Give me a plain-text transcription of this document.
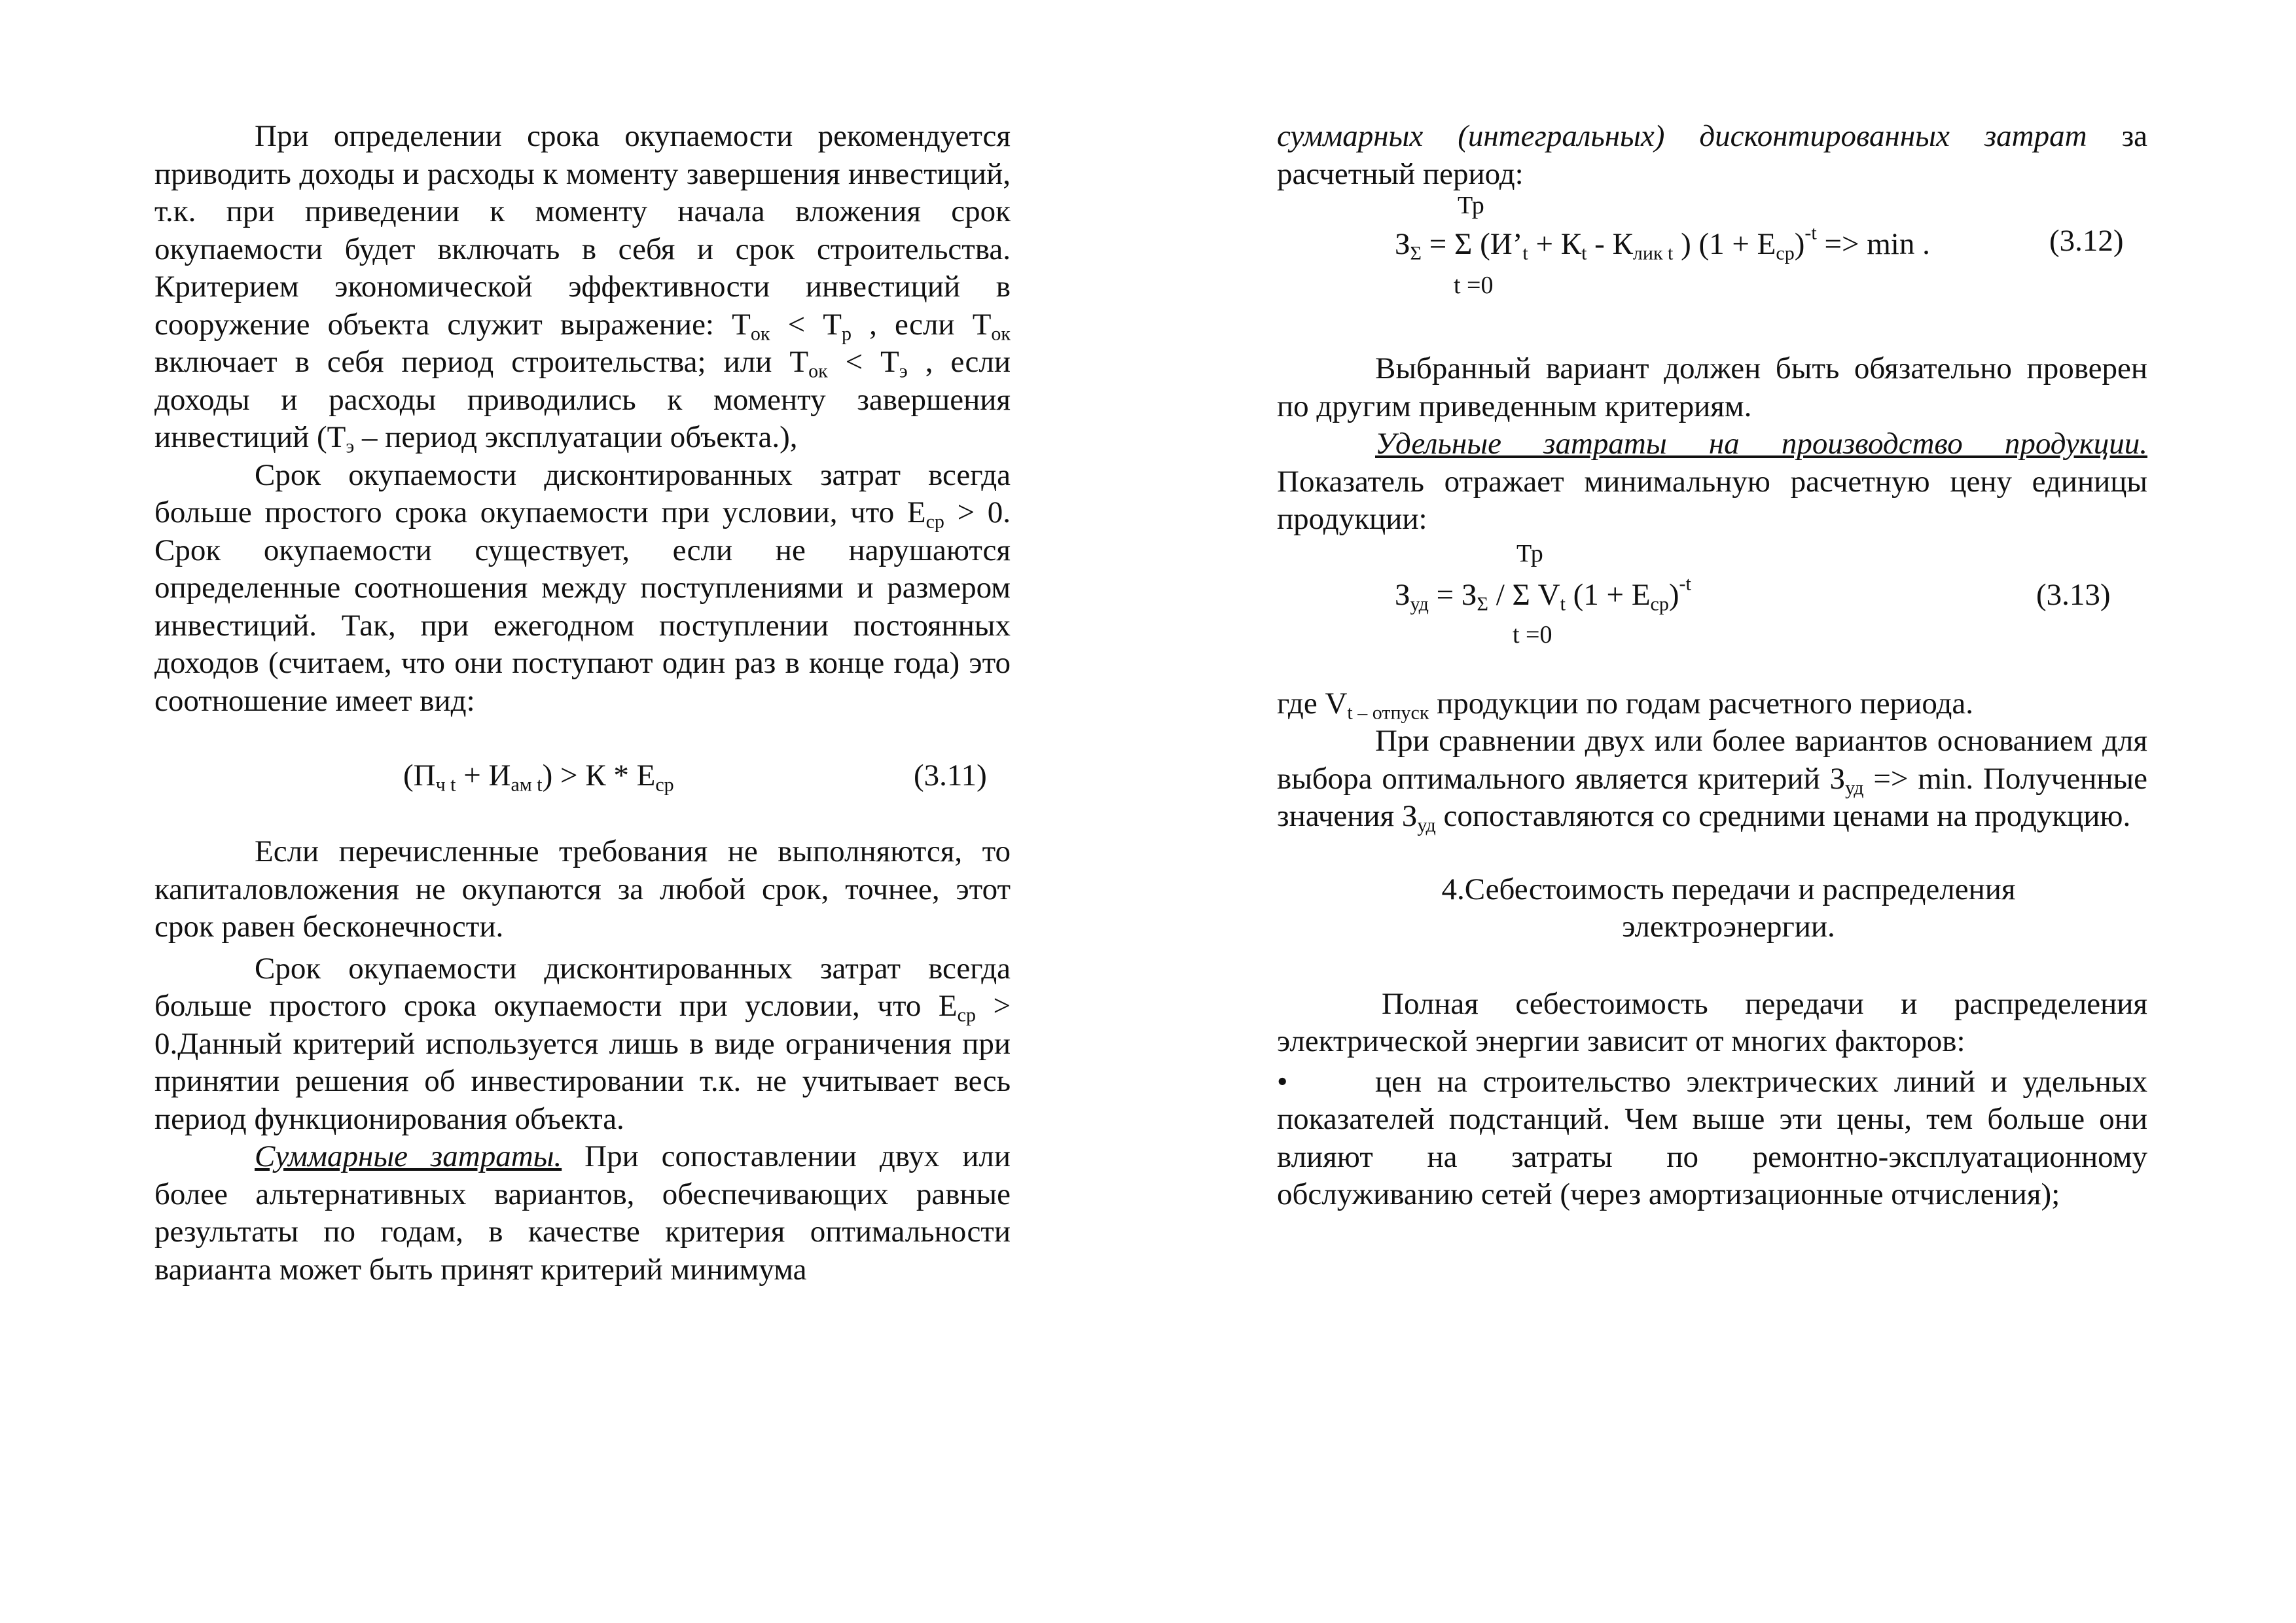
При определении срока окупаемости рекомендуется приводить доходы и расходы к моменту завершения инвестиций, т.к. при приведении к моменту начала вложения срок окупаемости будет включать в себя и срок строительства. Критерием экономической эффективности инвестиций в сооружение объекта служит выражение: $Т_{ок} < Т_р$ , если $Т_{ок}$ включает в себя период строительства; или $Т_{ок} < Т_э$ , если доходы и расходы приводились к моменту завершения инвестиций ($Т_э$ – период эксплуатации объекта.),

Срок окупаемости дисконтированных затрат всегда больше простого срока окупаемости при условии, что $Е_{ср} > 0$. Срок окупаемости существует, если не нарушаются определенные соотношения между поступлениями и размером инвестиций. Так, при ежегодном поступлении постоянных доходов (считаем, что они поступают один раз в конце года) это соотношение имеет вид:

$(П_{ч t} + И_{ам t}) > К * Е_{ср}$	(3.11)

Если перечисленные требования не выполняются, то капиталовложения не окупаются за любой срок, точнее, этот срок равен бесконечности.

Срок окупаемости дисконтированных затрат всегда больше простого срока окупаемости при условии, что $Е_{ср}$ > 0.Данный критерий используется лишь в виде ограничения при принятии решения об инвестировании т.к. не учитывает весь период функционирования объекта.

Суммарные затраты. При сопоставлении двух или более альтернативных вариантов, обеспечивающих равные результаты по годам, в качестве критерия оптимальности варианта может быть принят критерий минимума

суммарных (интегральных) дисконтированных затрат за расчетный период:

Тр
$З_\Sigma = \Sigma$ ($И’_t + К_t - К_{лик t}$ ) $(1 + Е_{ср})^{-t} => \min$ .
t =0
(3.12)

Выбранный вариант должен быть обязательно проверен по другим приведенным критериям.

Удельные затраты на производство продукции. Показатель отражает минимальную расчетную цену единицы продукции:

Тр
$З_{уд} = З_\Sigma / \Sigma$ $V_t$ $(1 + Е_{ср})^{-t}$
t =0
(3.13)

где $V_{t - отпуск}$ продукции по годам расчетного периода.

При сравнении двух или более вариантов основанием для выбора оптимального является критерий $З_{уд} => \min$. Полученные значения $З_{уд}$ сопоставляются со средними ценами на продукцию.

4.Себестоимость передачи и распределения
электроэнергии.

Полная себестоимость передачи и распределения электрической энергии зависит от многих факторов:

•	цен на строительство электрических линий и удельных показателей подстанций. Чем выше эти цены, тем больше они влияют на затраты по ремонтно-эксплуатационному обслуживанию сетей (через амортизационные отчисления);
